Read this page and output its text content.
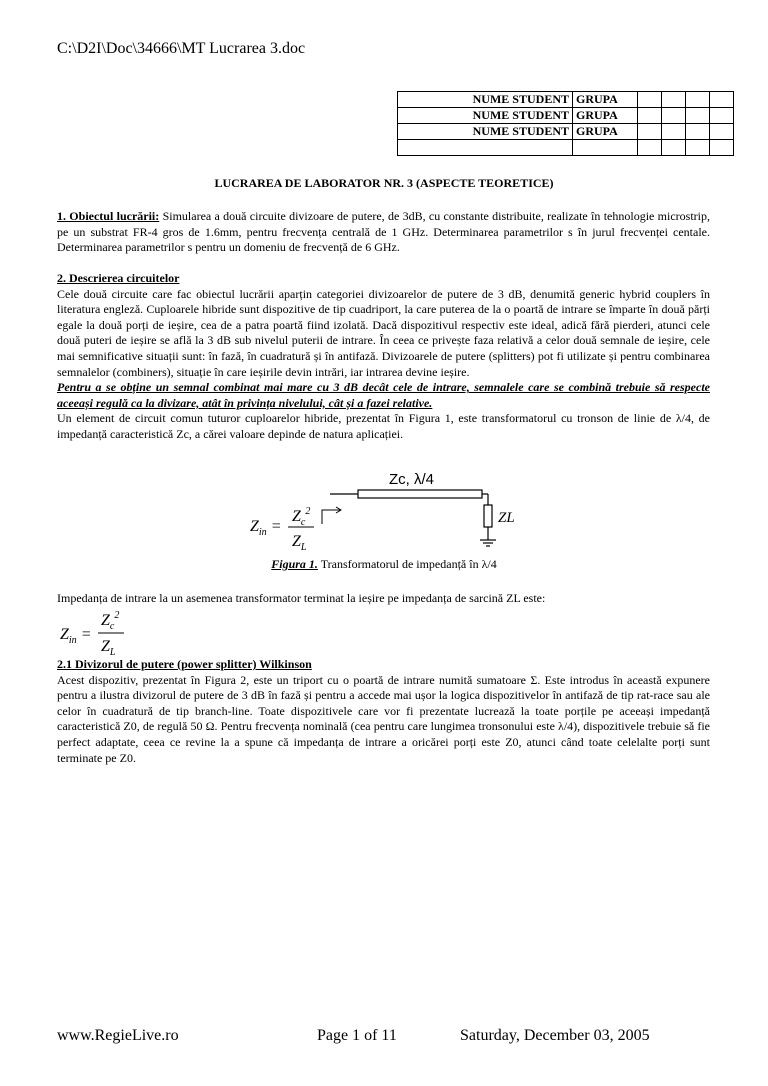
C:\D2I\Doc\34666\MT Lucrarea 3.doc
NUME STUDENT	GRUPA				
NUME STUDENT	GRUPA				
NUME STUDENT	GRUPA				

LUCRAREA DE LABORATOR NR. 3 (ASPECTE TEORETICE)

1. Obiectul lucrării: Simularea a două circuite divizoare de putere, de 3dB, cu constante distribuite, realizate în tehnologie microstrip, pe un substrat FR-4 gros de 1.6mm, pentru frecvența centrală de 1 GHz. Determinarea parametrilor s în jurul frecvenței centale. Determinarea parametrilor s pentru un domeniu de frecvență de 6 GHz.

2. Descrierea circuitelor

Cele două circuite care fac obiectul lucrării aparțin categoriei divizoarelor de putere de 3 dB, denumită generic hybrid couplers în literatura engleză. Cuploarele hibride sunt dispozitive de tip cuadriport, la care puterea de la o poartă de intrare se împarte în două părți egale la două porți de ieșire, cea de a patra poartă fiind izolată. Dacă dispozitivul respectiv este ideal, adică fără pierderi, atunci cele două puteri de ieșire se află la 3 dB sub nivelul puterii de intrare. În ceea ce privește faza relativă a celor două semnale de ieșire, cele mai semnificative situații sunt: în fază, în cuadratură și în antifază. Divizoarele de putere (splitters) pot fi utilizate și pentru combinarea semnalelor (combiners), situație în care ieșirile devin intrări, iar intrarea devine ieșire.

Pentru a se obține un semnal combinat mai mare cu 3 dB decât cele de intrare, semnalele care se combină trebuie să respecte aceeași regulă ca la divizare, atât în privința nivelului, cât și a fazei relative.

Un element de circuit comun tuturor cuploarelor hibride, prezentat în Figura 1, este transformatorul cu tronson de linie de λ/4, de impedanță caracteristică Zc, a cărei valoare depinde de natura aplicației.

Zc, λ/4
$Z_{in}$ =
$Z_c^2$
$Z_L$
ZL
Figura 1. Transformatorul de impedanță în λ/4
Impedanța de intrare la un asemenea transformator terminat la ieșire pe impedanța de sarcină ZL este:
$Z_{in}$ =
$Z_c^2$
$Z_L$

2.1 Divizorul de putere (power splitter) Wilkinson

Acest dispozitiv, prezentat în Figura 2, este un triport cu o poartă de intrare numită sumatoare Σ. Este introdus în această expunere pentru a ilustra divizorul de putere de 3 dB în fază și pentru a accede mai ușor la logica dispozitivelor în antifază de tip rat-race sau ale celor în cuadratură de tip branch-line. Toate dispozitivele care vor fi prezentate lucrează la toate porțile pe aceeași impedanță caracteristică Z0, de regulă 50 Ω. Pentru frecvența nominală (cea pentru care lungimea tronsonului este λ/4), dispozitivele trebuie să fie perfect adaptate, ceea ce revine la a spune că impedanța de intrare a oricărei porți este Z0, atunci când toate celelalte porți sunt terminate pe Z0.

www.RegieLive.ro	Page 1 of 11	Saturday, December 03, 2005
